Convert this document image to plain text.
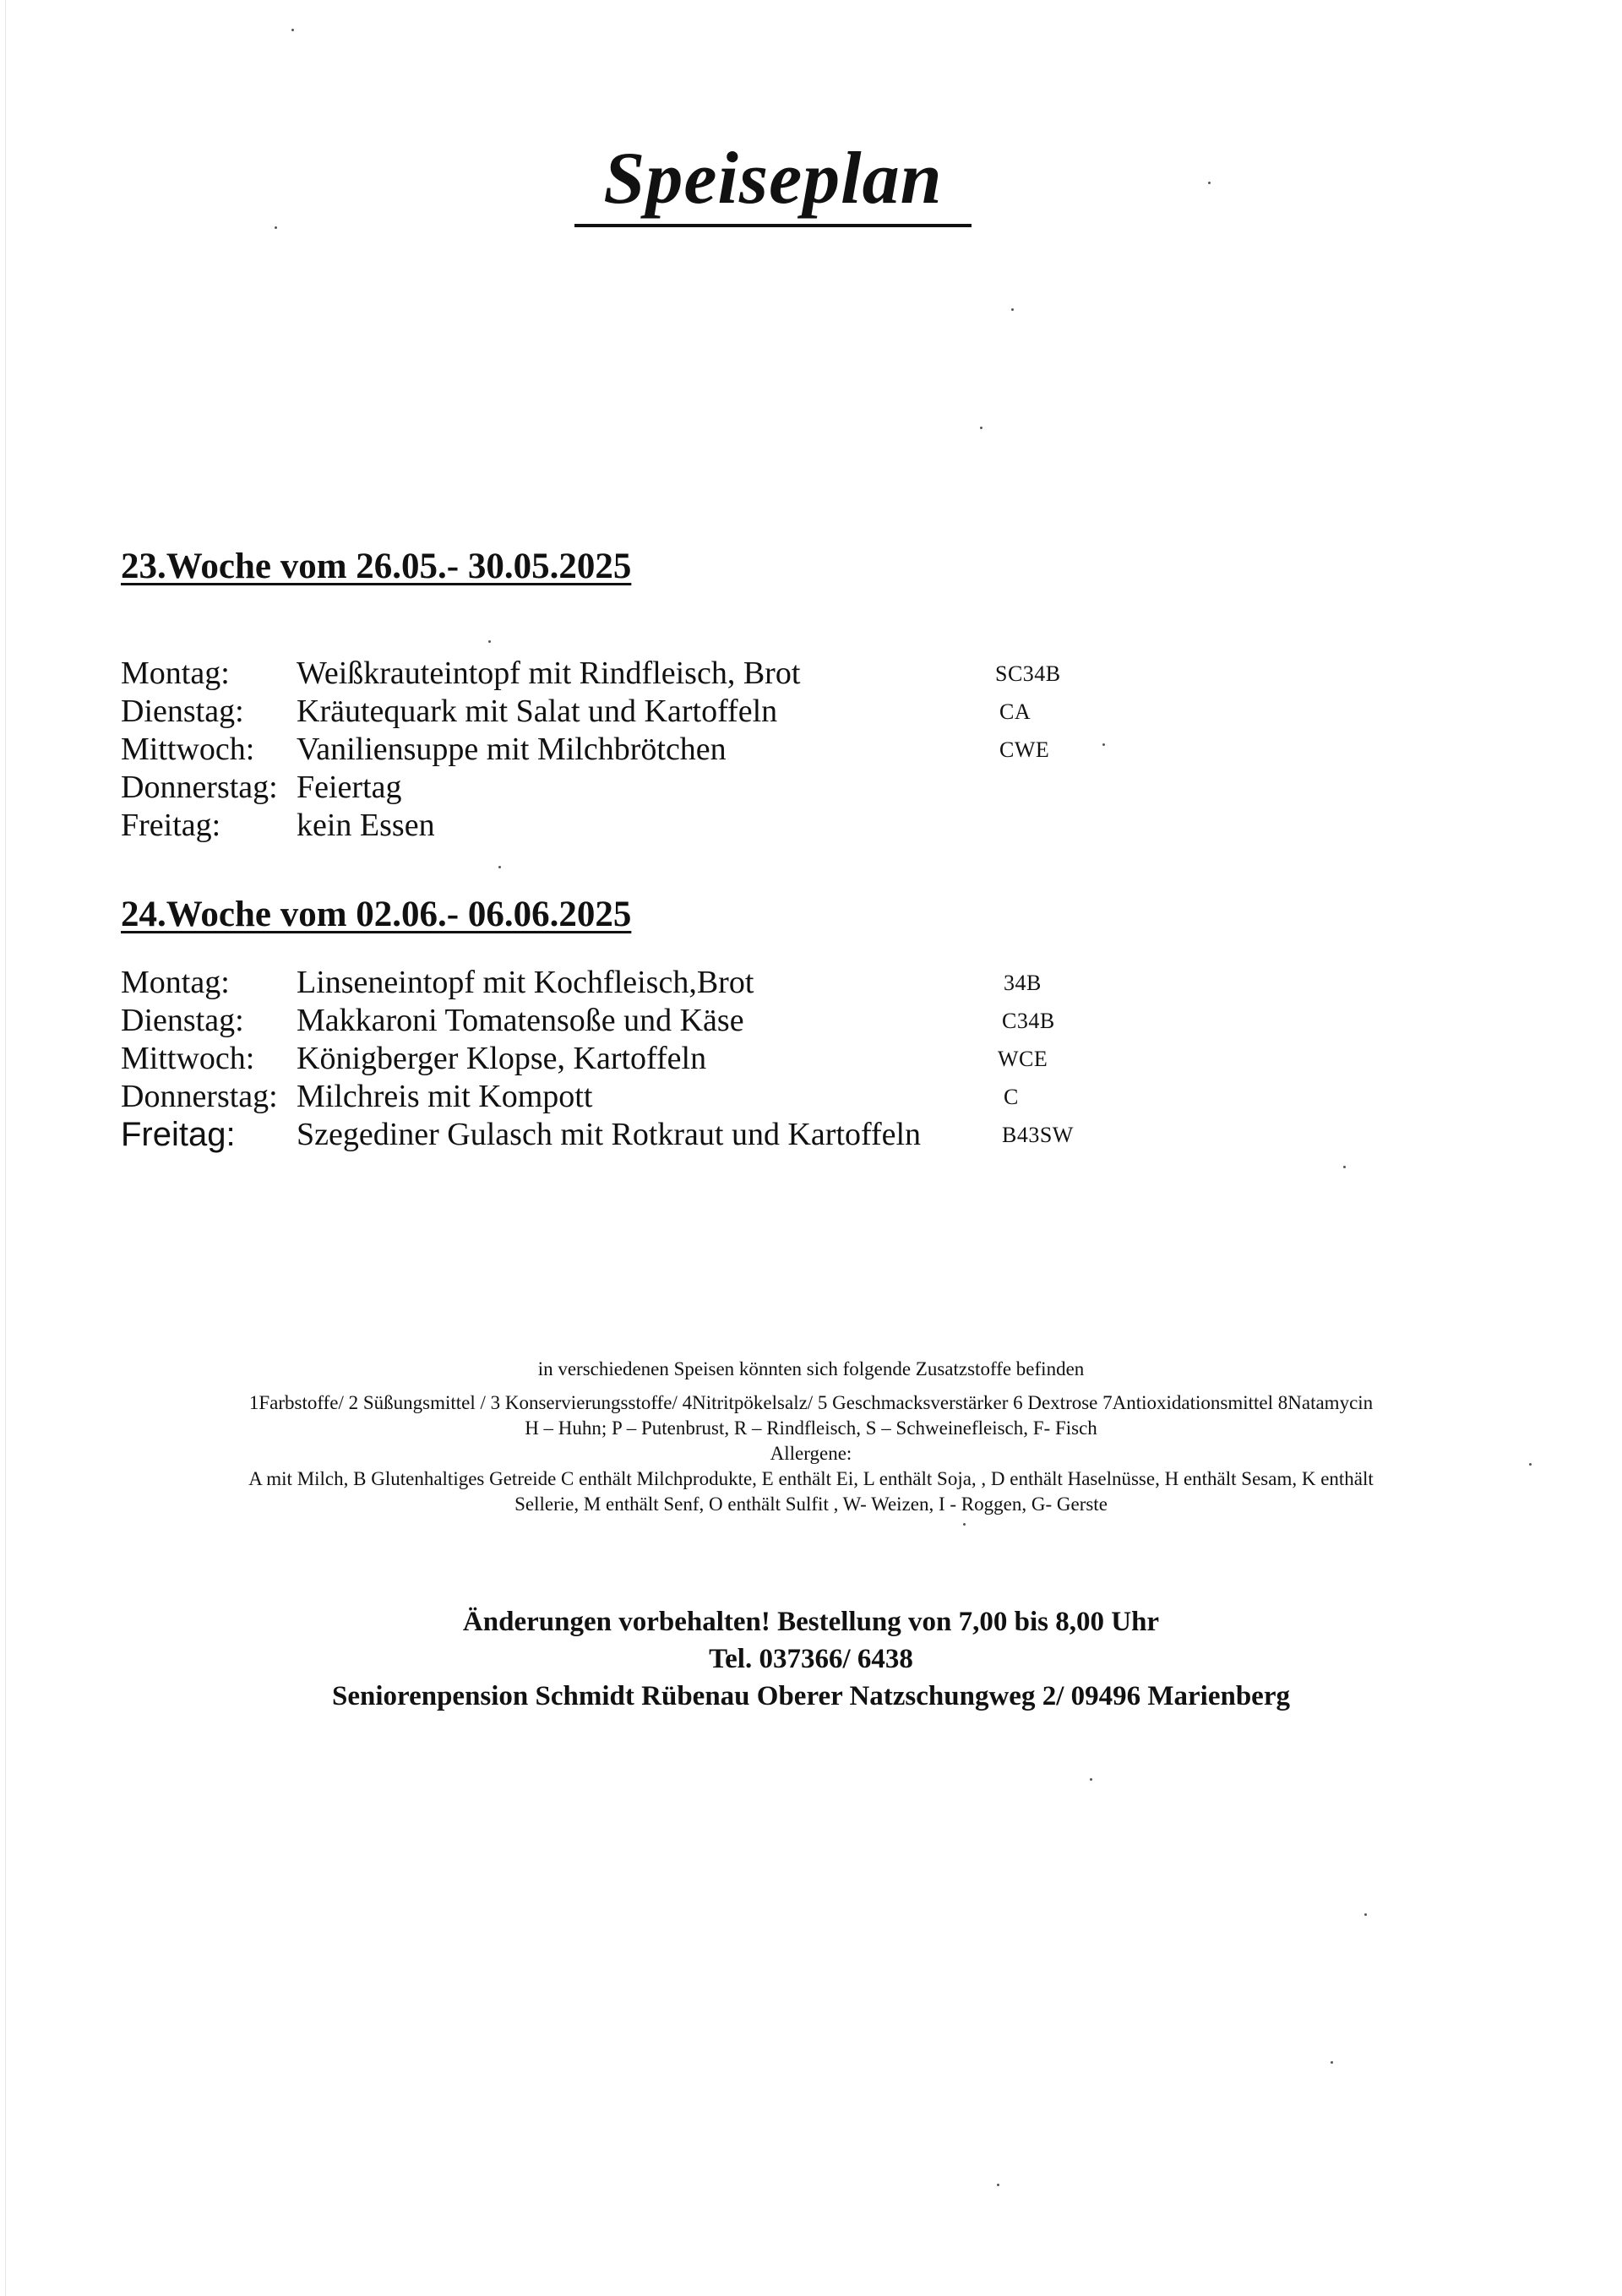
Speiseplan
23.Woche vom 26.05.- 30.05.2025
Montag: Weißkrauteintopf mit Rindfleisch, Brot	SC34B
Dienstag: Kräutequark mit Salat und Kartoffeln	CA
Mittwoch: Vaniliensuppe mit Milchbrötchen	CWE
Donnerstag: Feiertag
Freitag: kein Essen
24.Woche vom 02.06.- 06.06.2025
Montag: Linseneintopf mit Kochfleisch,Brot	34B
Dienstag: Makkaroni Tomatensoße und Käse	C34B
Mittwoch: Königberger Klopse, Kartoffeln	WCE
Donnerstag: Milchreis mit Kompott	C
Freitag: Szegediner Gulasch mit Rotkraut und Kartoffeln	B43SW

in verschiedenen Speisen könnten sich folgende Zusatzstoffe befinden

1Farbstoffe/ 2 Süßungsmittel / 3 Konservierungsstoffe/ 4Nitritpökelsalz/ 5 Geschmacksverstärker 6 Dextrose 7Antioxidationsmittel 8Natamycin

H – Huhn; P – Putenbrust, R – Rindfleisch, S – Schweinefleisch, F- Fisch

Allergene:

A mit Milch, B Glutenhaltiges Getreide C enthält Milchprodukte, E enthält Ei, L enthält Soja, , D enthält Haselnüsse, H enthält Sesam, K enthält

Sellerie, M enthält Senf, O enthält Sulfit , W- Weizen, I - Roggen, G- Gerste

Änderungen vorbehalten! Bestellung von 7,00 bis 8,00 Uhr

Tel. 037366/ 6438

Seniorenpension Schmidt Rübenau Oberer Natzschungweg 2/ 09496 Marienberg
